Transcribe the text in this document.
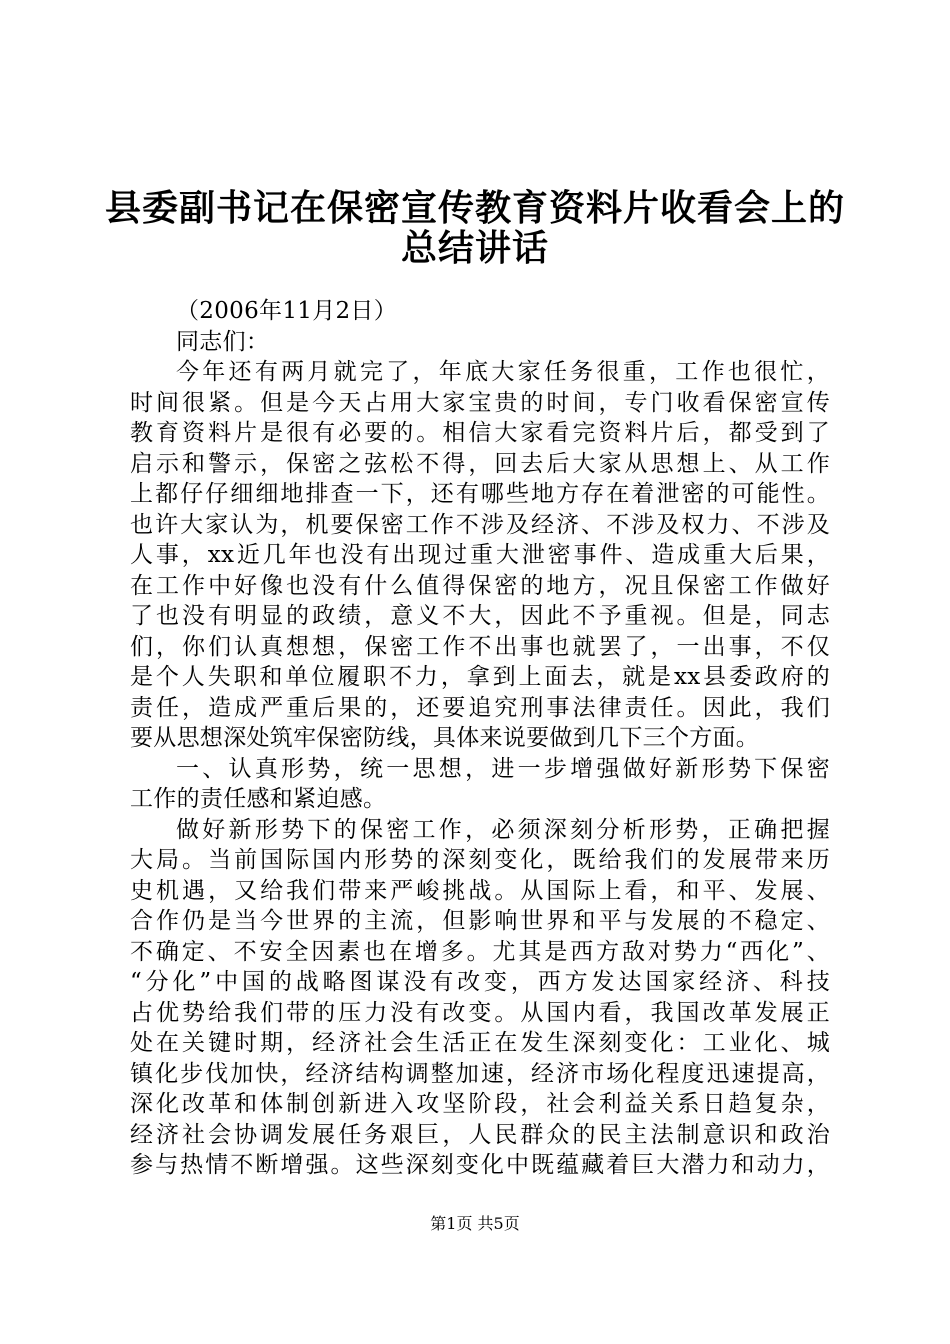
县委副书记在保密宣传教育资料片收看会上的
总结讲话
（2006年11月2日）
同志们：
今年还有两月就完了，年底大家任务很重，工作也很忙，
时间很紧。但是今天占用大家宝贵的时间，专门收看保密宣传
教育资料片是很有必要的。相信大家看完资料片后，都受到了
启示和警示，保密之弦松不得，回去后大家从思想上、从工作
上都仔仔细细地排查一下，还有哪些地方存在着泄密的可能性。
也许大家认为，机要保密工作不涉及经济、不涉及权力、不涉及
人事，xx近几年也没有出现过重大泄密事件、造成重大后果，
在工作中好像也没有什么值得保密的地方，况且保密工作做好
了也没有明显的政绩，意义不大，因此不予重视。但是，同志
们，你们认真想想，保密工作不出事也就罢了，一出事，不仅
是个人失职和单位履职不力，拿到上面去，就是xx县委政府的
责任，造成严重后果的，还要追究刑事法律责任。因此，我们
要从思想深处筑牢保密防线，具体来说要做到几下三个方面。
一、认真形势，统一思想，进一步增强做好新形势下保密
工作的责任感和紧迫感。
做好新形势下的保密工作，必须深刻分析形势，正确把握
大局。当前国际国内形势的深刻变化，既给我们的发展带来历
史机遇，又给我们带来严峻挑战。从国际上看，和平、发展、
合作仍是当今世界的主流，但影响世界和平与发展的不稳定、
不确定、不安全因素也在增多。尤其是西方敌对势力“西化”、
“分化”中国的战略图谋没有改变，西方发达国家经济、科技
占优势给我们带的压力没有改变。从国内看，我国改革发展正
处在关键时期，经济社会生活正在发生深刻变化：工业化、城
镇化步伐加快，经济结构调整加速，经济市场化程度迅速提高，
深化改革和体制创新进入攻坚阶段，社会利益关系日趋复杂，
经济社会协调发展任务艰巨，人民群众的民主法制意识和政治
参与热情不断增强。这些深刻变化中既蕴藏着巨大潜力和动力，
第1页 共5页
